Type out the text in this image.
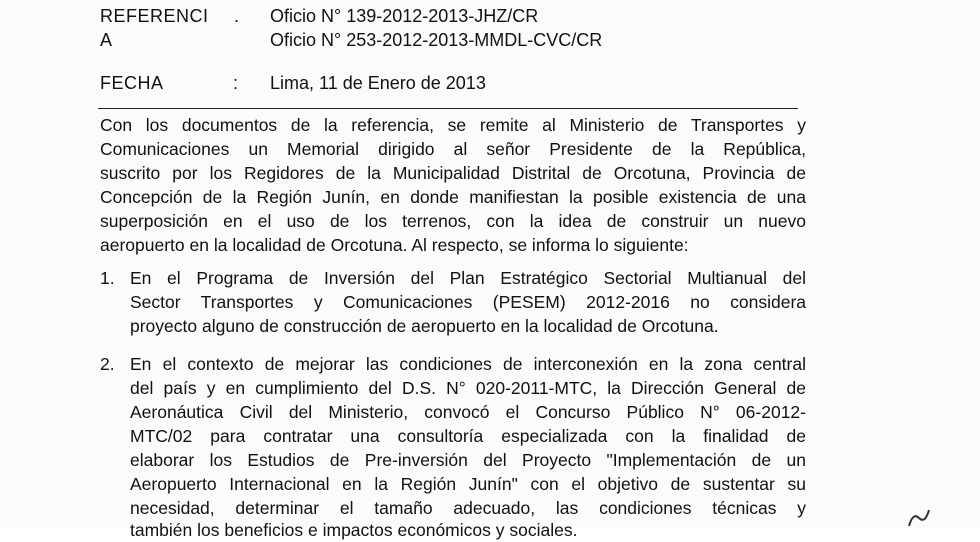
REFERENCI
A
. Oficio N° 139-2012-2013-JHZ/CR
Oficio N° 253-2012-2013-MMDL-CVC/CR
FECHA	: Lima, 11 de Enero de 2013
Con los documentos de la referencia, se remite al Ministerio de Transportes y
Comunicaciones un Memorial dirigido al señor Presidente de la República,
suscrito por los Regidores de la Municipalidad Distrital de Orcotuna, Provincia de
Concepción de la Región Junín, en donde manifiestan la posible existencia de una
superposición en el uso de los terrenos, con la idea de construir un nuevo
aeropuerto en la localidad de Orcotuna. Al respecto, se informa lo siguiente:
1. En el Programa de Inversión del Plan Estratégico Sectorial Multianual del
Sector Transportes y Comunicaciones (PESEM) 2012-2016 no considera
proyecto alguno de construcción de aeropuerto en la localidad de Orcotuna.
2. En el contexto de mejorar las condiciones de interconexión en la zona central
del país y en cumplimiento del D.S. N° 020-2011-MTC, la Dirección General de
Aeronáutica Civil del Ministerio, convocó el Concurso Público N° 06-2012-
MTC/02 para contratar una consultoría especializada con la finalidad de
elaborar los Estudios de Pre-inversión del Proyecto "Implementación de un
Aeropuerto Internacional en la Región Junín" con el objetivo de sustentar su
necesidad, determinar el tamaño adecuado, las condiciones técnicas y
también los beneficios e impactos económicos y sociales.
